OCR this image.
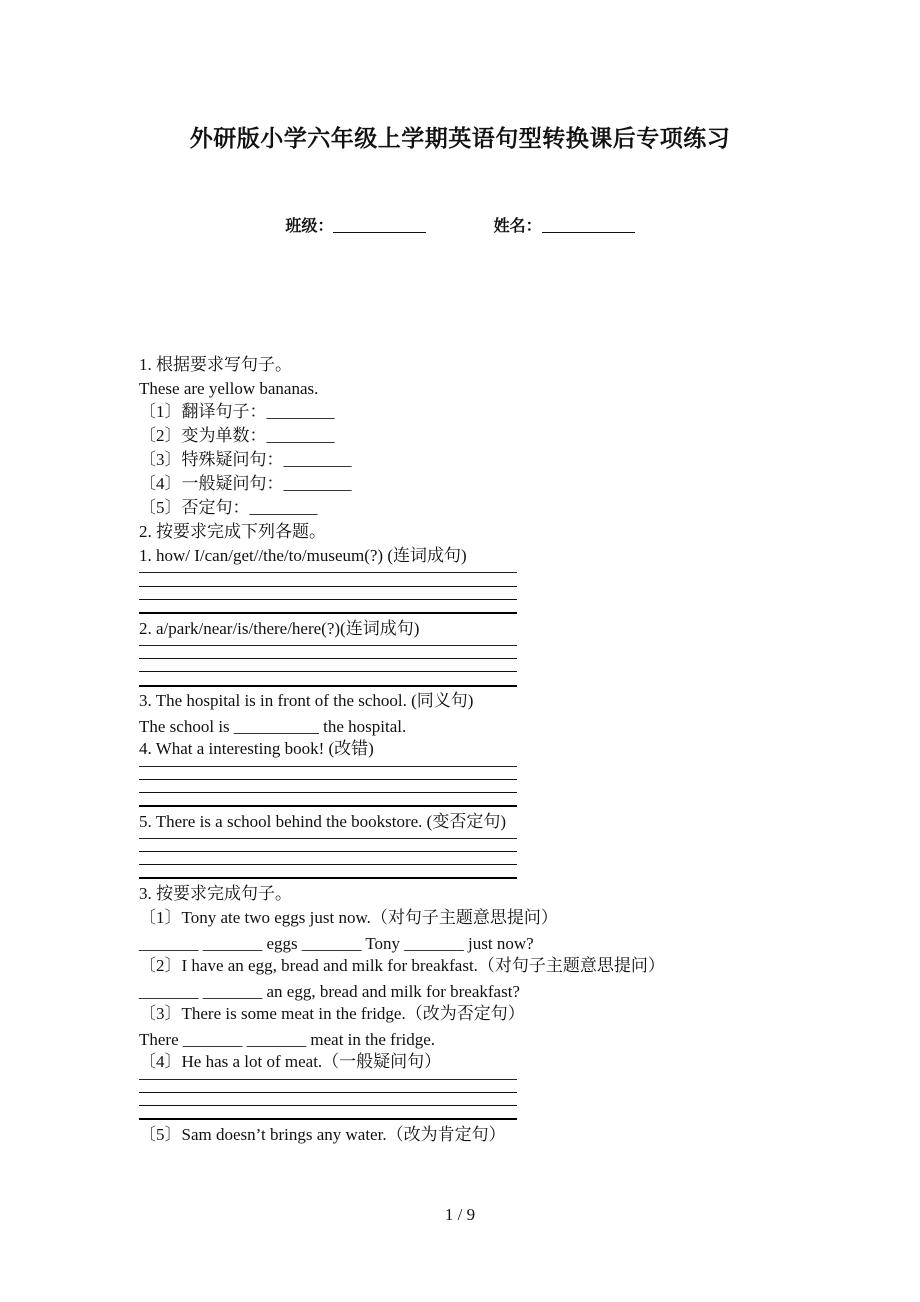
外研版小学六年级上学期英语句型转换课后专项练习
班级：	姓名：
1. 根据要求写句子。
These are yellow bananas.
〔1〕翻译句子：________
〔2〕变为单数：________
〔3〕特殊疑问句：________
〔4〕一般疑问句：________
〔5〕否定句：________
2. 按要求完成下列各题。
1. how/ I/can/get//the/to/museum(?) (连词成句)
2. a/park/near/is/there/here(?)(连词成句)
3. The hospital is in front of the school. (同义句)
The school is __________ the hospital.
4. What a interesting book! (改错)
5. There is a school behind the bookstore. (变否定句)
3. 按要求完成句子。
〔1〕Tony ate two eggs just now.（对句子主题意思提问）
_______ _______ eggs _______ Tony _______ just now?
〔2〕I have an egg, bread and milk for breakfast.（对句子主题意思提问）
_______ _______ an egg, bread and milk for breakfast?
〔3〕There is some meat in the fridge.（改为否定句）
There _______ _______ meat in the fridge.
〔4〕He has a lot of meat.（一般疑问句）
〔5〕Sam doesn’t brings any water.（改为肯定句）
1 / 9
